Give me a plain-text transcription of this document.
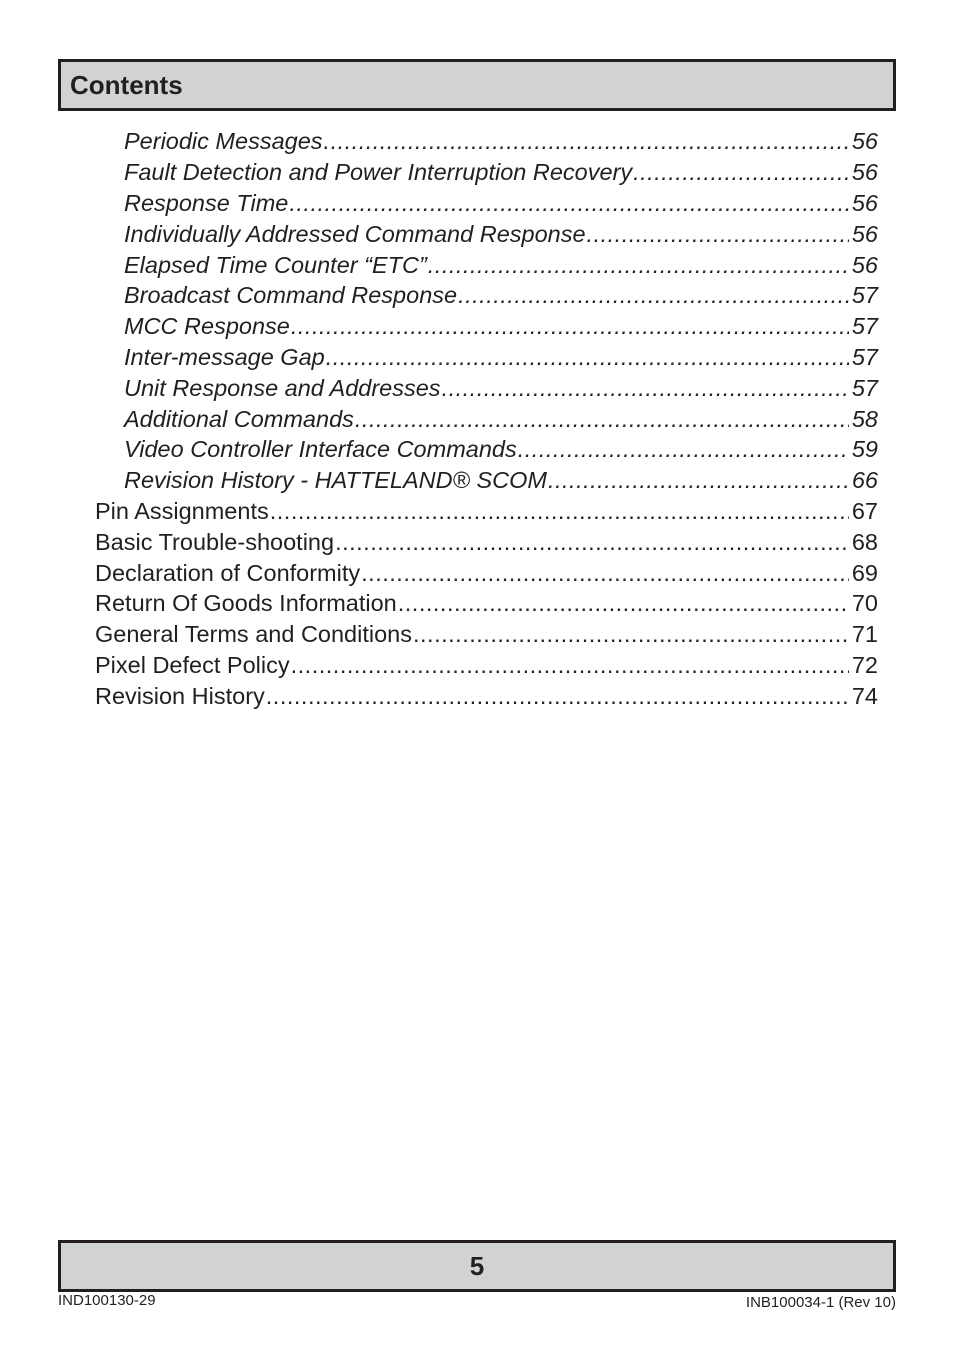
Contents
Periodic Messages .....	56
Fault Detection and Power Interruption Recovery .....	56
Response Time .....	56
Individually Addressed Command Response .....	56
Elapsed Time Counter “ETC” .....	56
Broadcast Command Response .....	57
MCC Response .....	57
Inter-message Gap .....	57
Unit Response and Addresses .....	57
Additional Commands .....	58
Video Controller Interface Commands .....	59
Revision History - HATTELAND® SCOM .....	66
Pin Assignments .....	67
Basic Trouble-shooting .....	68
Declaration of Conformity .....	69
Return Of Goods Information .....	70
General Terms and Conditions .....	71
Pixel Defect Policy .....	72
Revision History .....	74
5
IND100130-29	INB100034-1 (Rev 10)
